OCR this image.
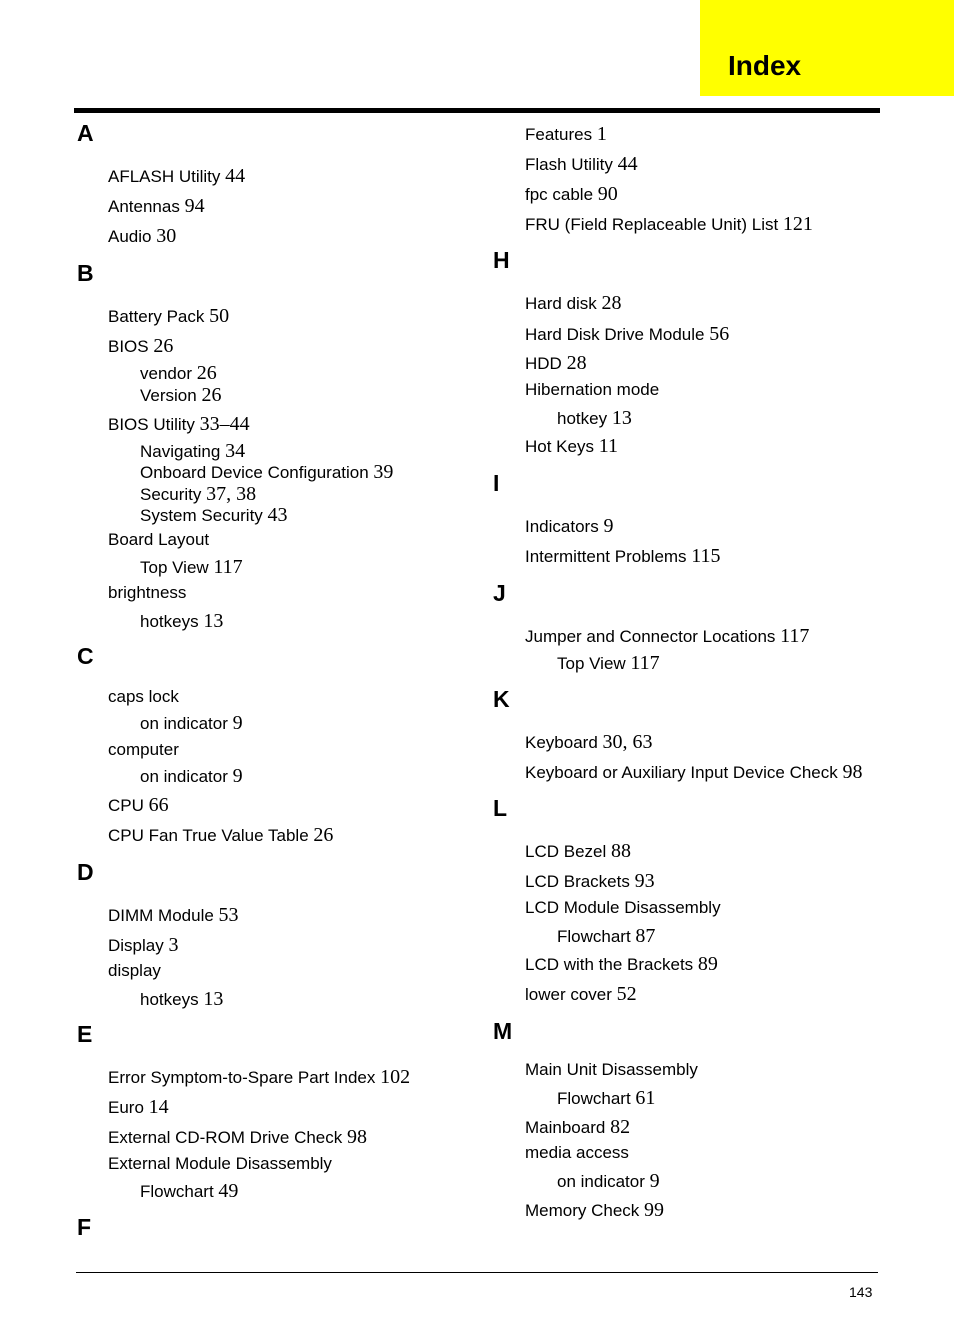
Index
A
AFLASH Utility 44
Antennas 94
Audio 30
B
Battery Pack 50
BIOS 26
vendor 26
Version 26
BIOS Utility 33–44
Navigating 34
Onboard Device Configuration 39
Security 37, 38
System Security 43
Board Layout
Top View 117
brightness
hotkeys 13
C
caps lock
on indicator 9
computer
on indicator 9
CPU 66
CPU Fan True Value Table 26
D
DIMM Module 53
Display 3
display
hotkeys 13
E
Error Symptom-to-Spare Part Index 102
Euro 14
External CD-ROM Drive Check 98
External Module Disassembly
Flowchart 49
F
Features 1
Flash Utility 44
fpc cable 90
FRU (Field Replaceable Unit) List 121
H
Hard disk 28
Hard Disk Drive Module 56
HDD 28
Hibernation mode
hotkey 13
Hot Keys 11
I
Indicators 9
Intermittent Problems 115
J
Jumper and Connector Locations 117
Top View 117
K
Keyboard 30, 63
Keyboard or Auxiliary Input Device Check 98
L
LCD Bezel 88
LCD Brackets 93
LCD Module Disassembly
Flowchart 87
LCD with the Brackets 89
lower cover 52
M
Main Unit Disassembly
Flowchart 61
Mainboard 82
media access
on indicator 9
Memory Check 99
143
